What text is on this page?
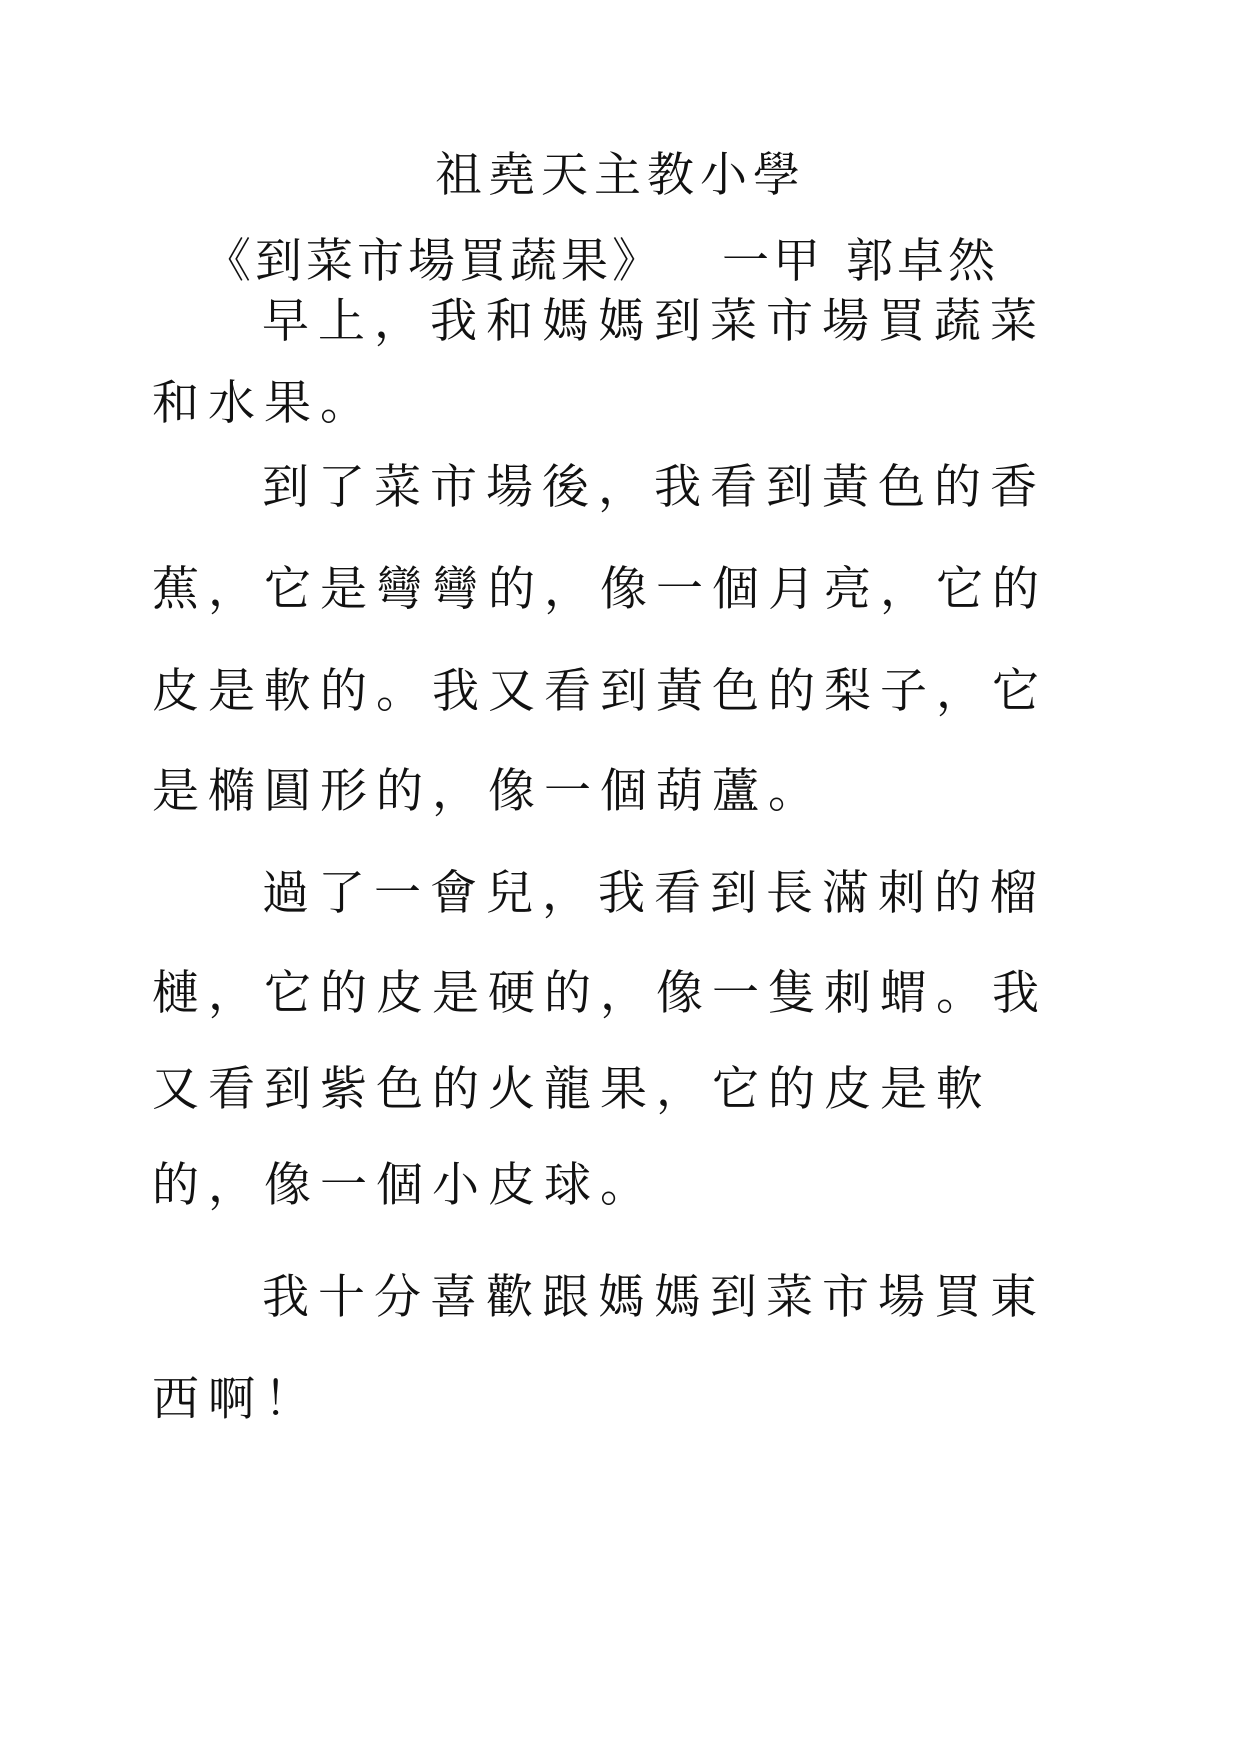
祖堯天主教小學
《到菜市場買蔬果》 一甲 郭卓然
早上，我和媽媽到菜市場買蔬菜
和水果。
到了菜市場後，我看到黃色的香
蕉，它是彎彎的，像一個月亮，它的
皮是軟的。我又看到黃色的梨子，它
是橢圓形的，像一個葫蘆。
過了一會兒，我看到長滿刺的榴
槤，它的皮是硬的，像一隻刺蝟。我
又看到紫色的火龍果，它的皮是軟
的，像一個小皮球。
我十分喜歡跟媽媽到菜市場買東
西啊！
